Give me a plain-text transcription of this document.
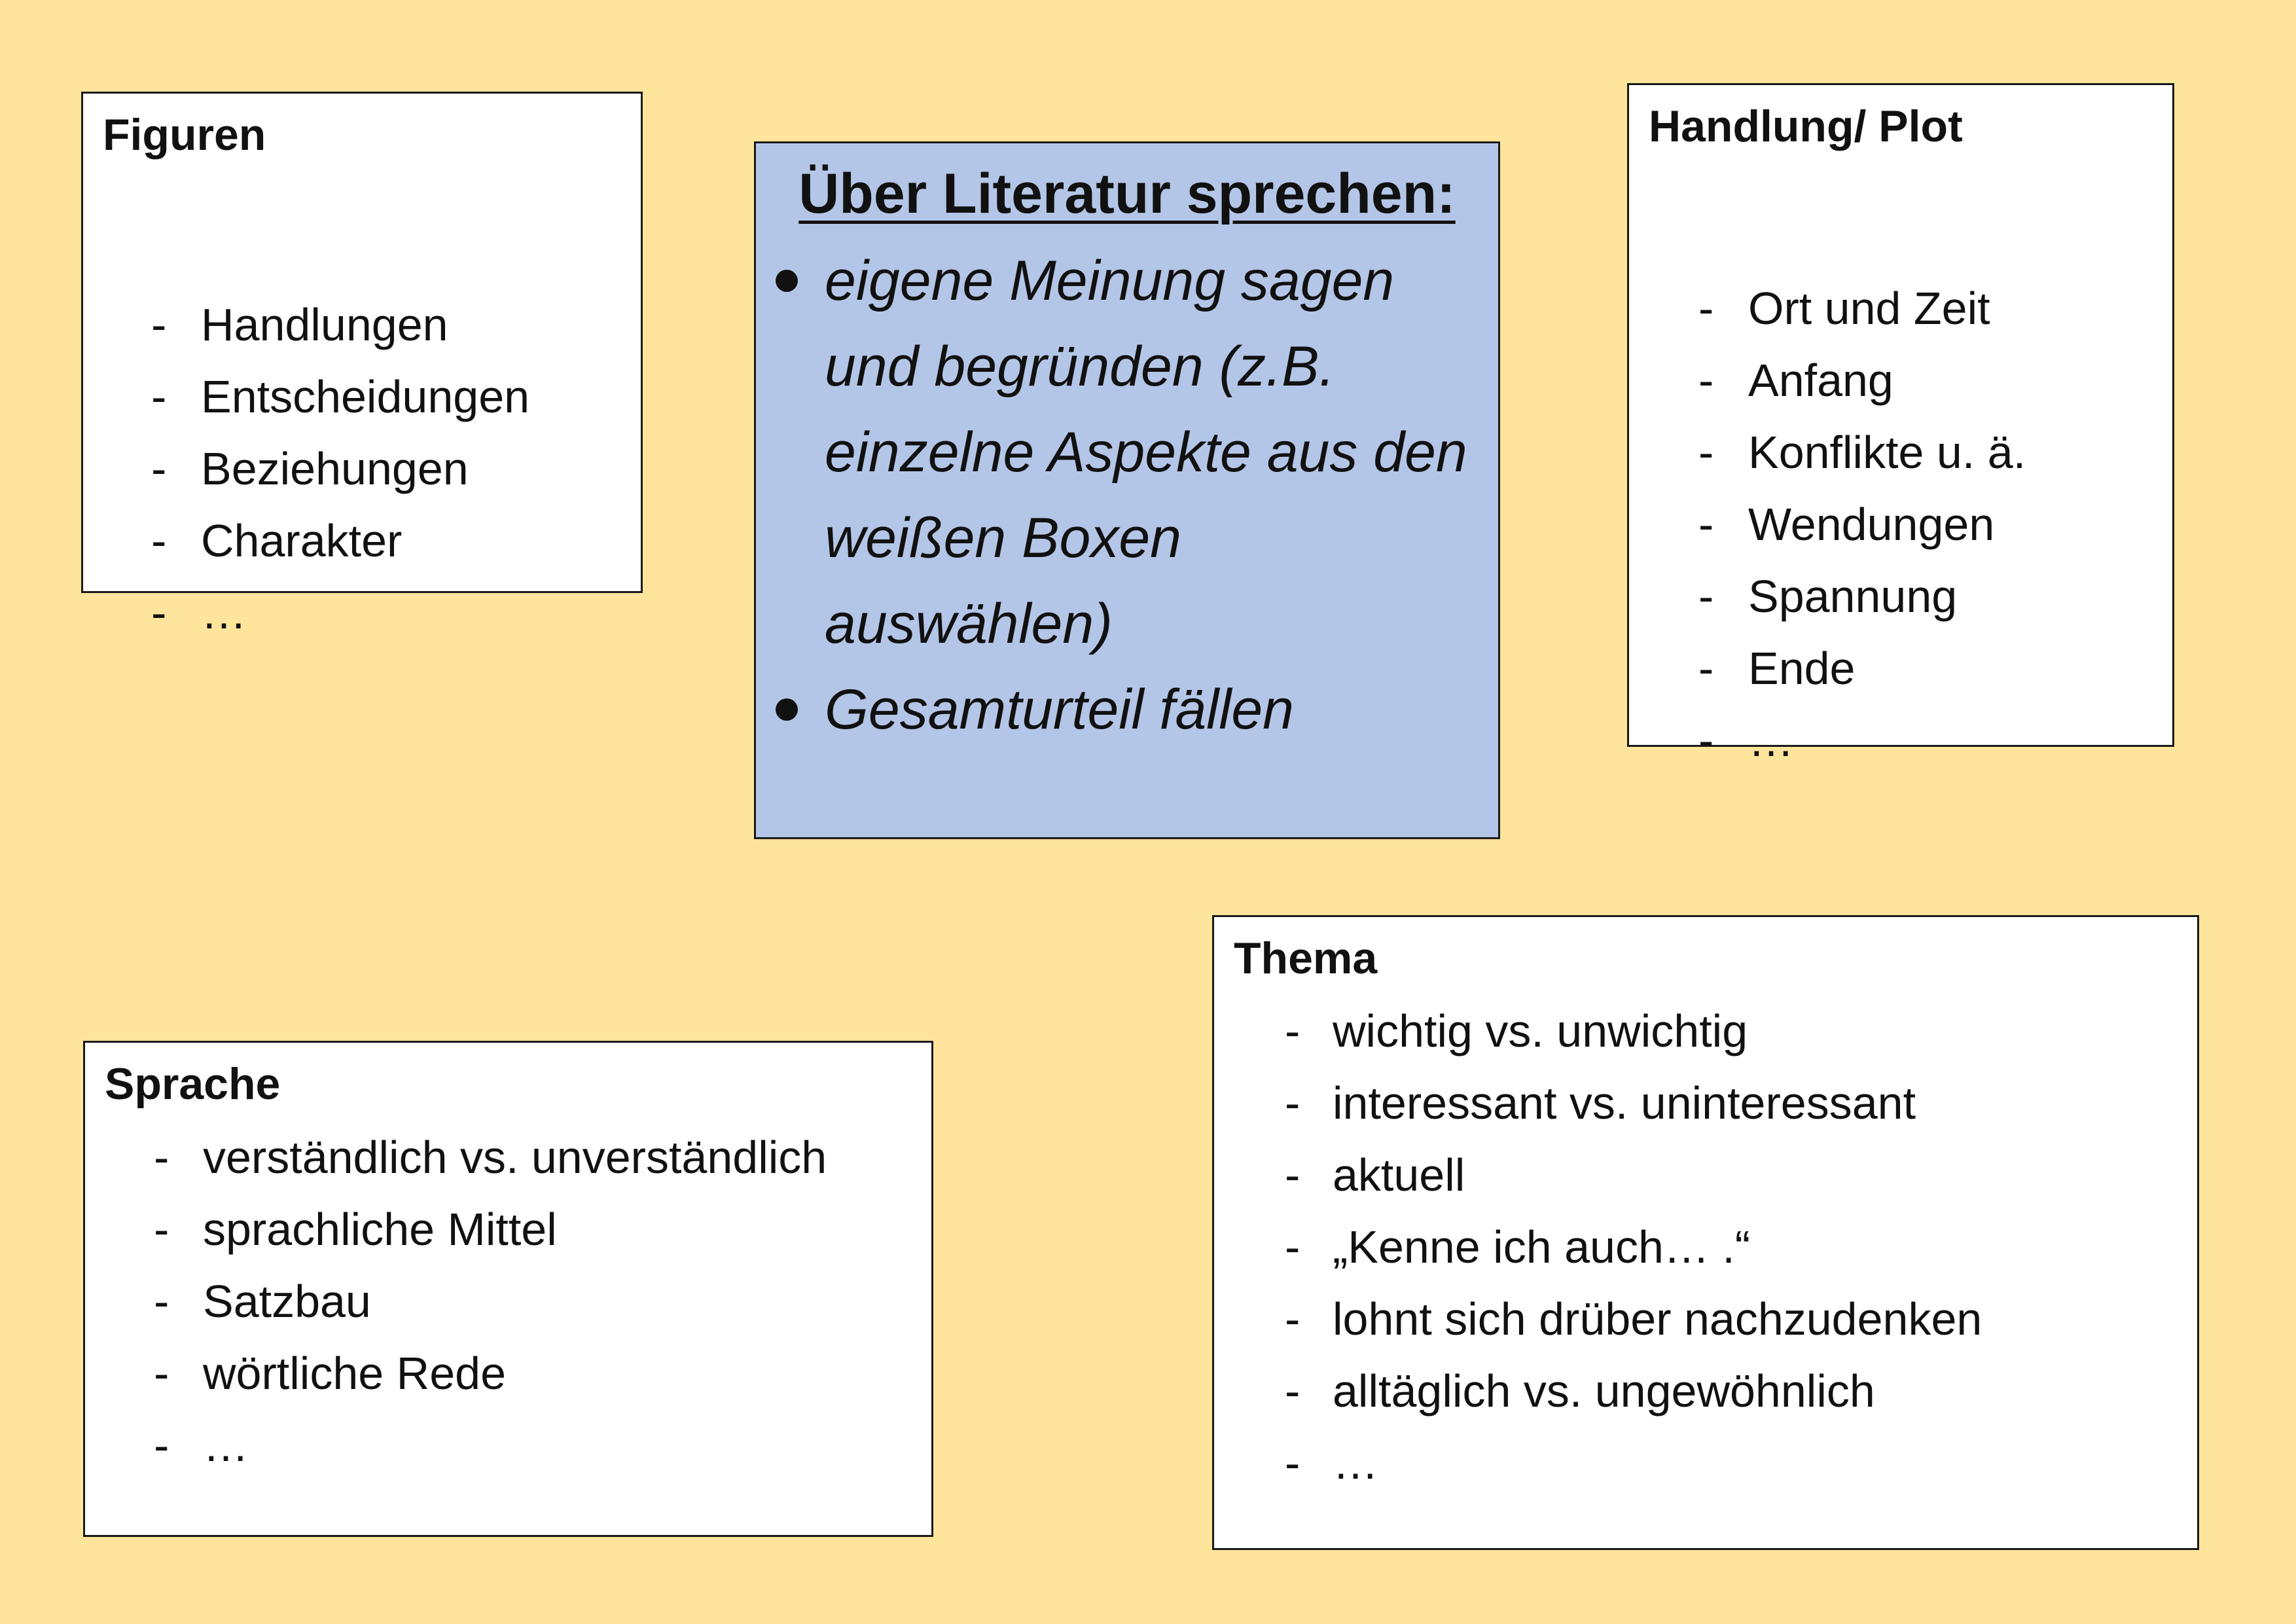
Figuren
- Handlungen
- Entscheidungen
- Beziehungen
- Charakter
- …
Über Literatur sprechen:
eigene Meinung sagen und begründen (z.B. einzelne Aspekte aus den weißen Boxen auswählen)
Gesamturteil fällen
Handlung/ Plot
- Ort und Zeit
- Anfang
- Konflikte u. ä.
- Wendungen
- Spannung
- Ende
- …
Sprache
- verständlich vs. unverständlich
- sprachliche Mittel
- Satzbau
- wörtliche Rede
- …
Thema
- wichtig vs. unwichtig
- interessant vs. uninteressant
- aktuell
- „Kenne ich auch… .“
- lohnt sich drüber nachzudenken
- alltäglich vs. ungewöhnlich
- …
